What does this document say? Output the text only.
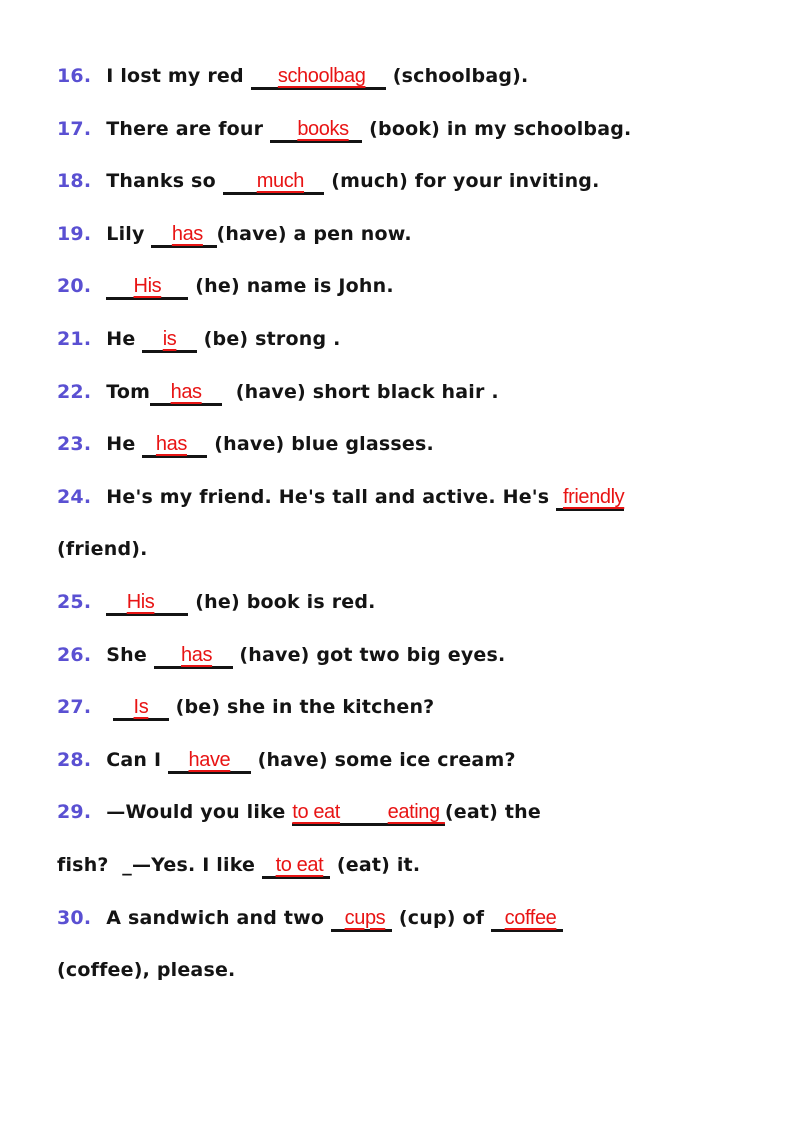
16. I lost my red     schoolbag    (schoolbag).
17. There are four     books   (book) in my schoolbag.
18. Thanks so      much    (much) for your inviting.
19. Lily    has (have) a pen now.
20. His     (he) name is John.
21. He    is    (be) strong .
22. Tom has     (have) short black hair .
23. He   has    (have) blue glasses.
24. He's my friend. He's tall and active. He's  friendly
(friend).
25. His      (he) book is red.
26. She     has    (have) got two big eyes.
27. Is    (be) she in the kitchen?
28. Can I    have    (have) some ice cream?
29. —Would you like to eat eating (eat) the
fish?  _—Yes. I like   to eat  (eat) it.
30. A sandwich and two   cups  (cup) of   coffee
(coffee), please.
